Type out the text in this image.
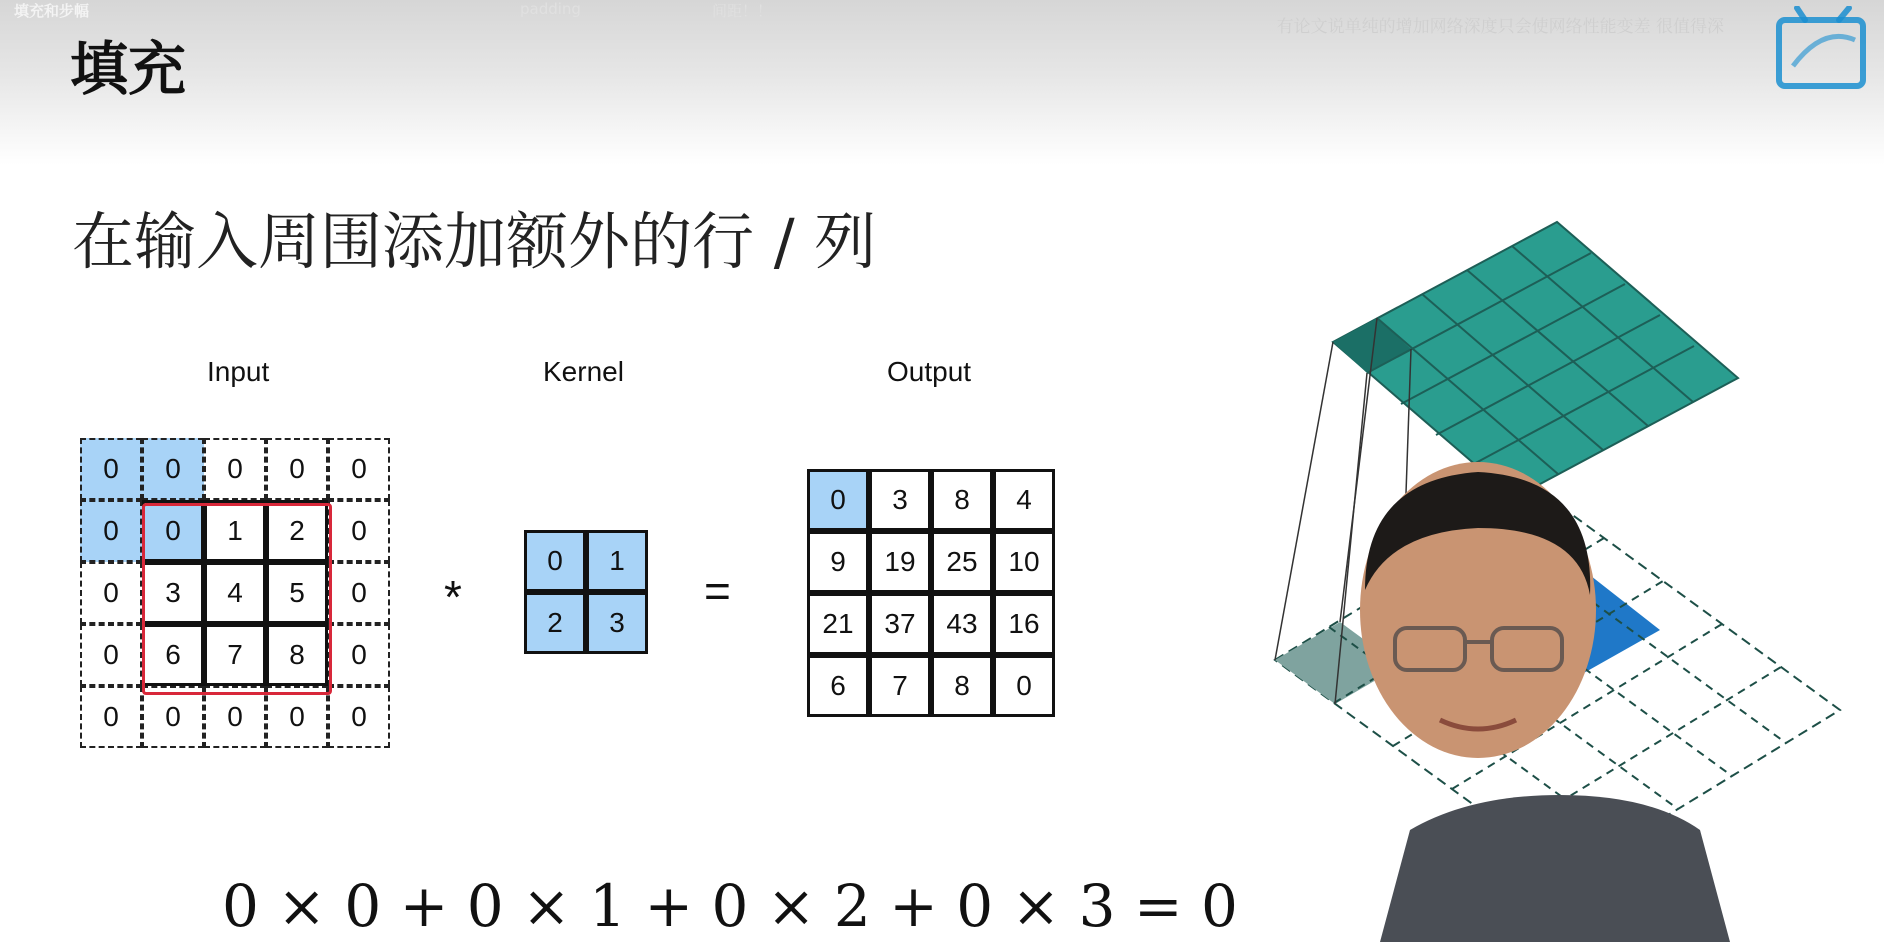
填充和步幅	padding	间距！！
有论文说单纯的增加网络深度只会使网络性能变差 很值得深
填充
在输入周围添加额外的行 / 列
Input	Kernel	Output
0	0	0	0	0
0	0	1	2	0
0	3	4	5	0
0	6	7	8	0
0	0	0	0	0
*
0	1
2	3
=
0	3	8	4
9	19	25	10
21	37	43	16
6	7	8	0
0 × 0 + 0 × 1 + 0 × 2 + 0 × 3 = 0
